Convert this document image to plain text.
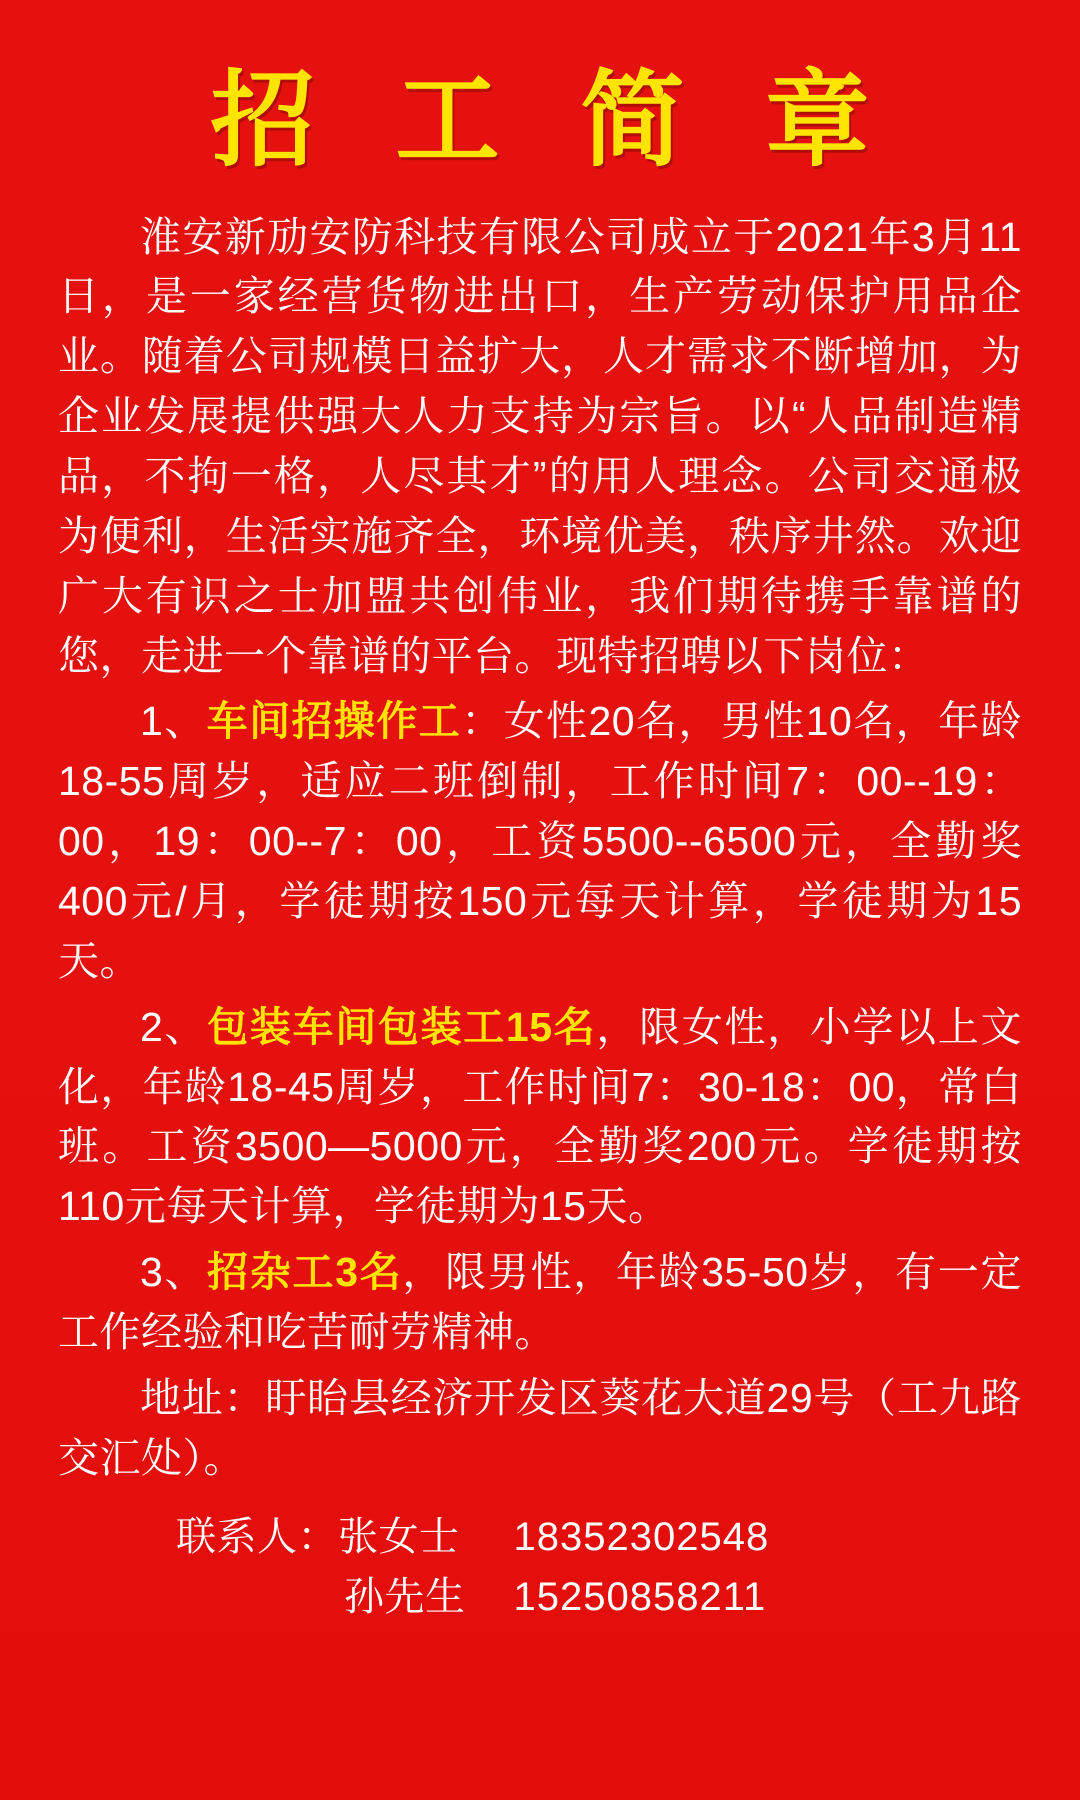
招 工 简 章

淮安新劢安防科技有限公司成立于2021年3月11日，是一家经营货物进出口，生产劳动保护用品企业。随着公司规模日益扩大，人才需求不断增加，为企业发展提供强大人力支持为宗旨。以“人品制造精品，不拘一格，人尽其才”的用人理念。公司交通极为便利，生活实施齐全，环境优美，秩序井然。欢迎广大有识之士加盟共创伟业，我们期待携手靠谱的您，走进一个靠谱的平台。现特招聘以下岗位：

1、车间招操作工：女性20名，男性10名，年龄18-55周岁，适应二班倒制，工作时间7：00--19：00，19：00--7：00，工资5500--6500元，全勤奖400元/月，学徒期按150元每天计算，学徒期为15天。

2、包装车间包装工15名，限女性，小学以上文化，年龄18-45周岁，工作时间7：30-18：00，常白班。工资3500—5000元，全勤奖200元。学徒期按110元每天计算，学徒期为15天。

3、招杂工3名，限男性，年龄35-50岁，有一定工作经验和吃苦耐劳精神。

地址：盱眙县经济开发区葵花大道29号（工九路交汇处）。

联系人： 张女士 18352302548
孙先生 15250858211
